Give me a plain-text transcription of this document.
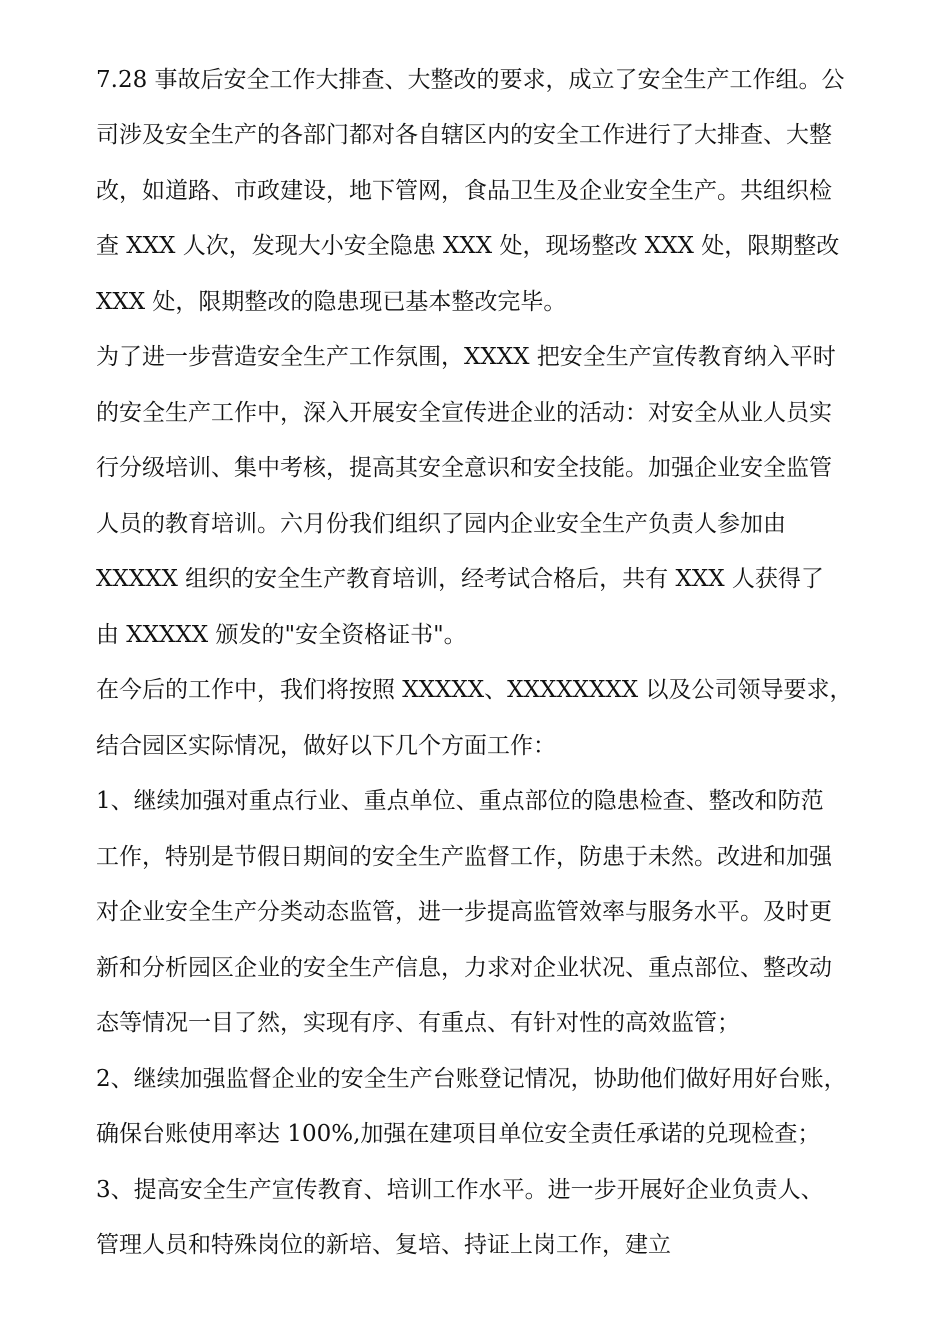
7.28 事故后安全工作大排查、大整改的要求，成立了安全生产工作组。公

司涉及安全生产的各部门都对各自辖区内的安全工作进行了大排查、大整

改，如道路、市政建设，地下管网，食品卫生及企业安全生产。共组织检

查 XXX 人次，发现大小安全隐患 XXX 处，现场整改 XXX 处，限期整改

XXX 处，限期整改的隐患现已基本整改完毕。

为了进一步营造安全生产工作氛围，XXXX 把安全生产宣传教育纳入平时

的安全生产工作中，深入开展安全宣传进企业的活动：对安全从业人员实

行分级培训、集中考核，提高其安全意识和安全技能。加强企业安全监管

人员的教育培训。六月份我们组织了园内企业安全生产负责人参加由

XXXXX 组织的安全生产教育培训，经考试合格后，共有 XXX 人获得了

由 XXXXX 颁发的"安全资格证书"。

在今后的工作中，我们将按照 XXXXX、XXXXXXXX 以及公司领导要求，

结合园区实际情况，做好以下几个方面工作：

1、继续加强对重点行业、重点单位、重点部位的隐患检查、整改和防范

工作，特别是节假日期间的安全生产监督工作，防患于未然。改进和加强

对企业安全生产分类动态监管，进一步提高监管效率与服务水平。及时更

新和分析园区企业的安全生产信息，力求对企业状况、重点部位、整改动

态等情况一目了然，实现有序、有重点、有针对性的高效监管；

2、继续加强监督企业的安全生产台账登记情况，协助他们做好用好台账，

确保台账使用率达 100%,加强在建项目单位安全责任承诺的兑现检查；

3、提高安全生产宣传教育、培训工作水平。进一步开展好企业负责人、

管理人员和特殊岗位的新培、复培、持证上岗工作，建立
